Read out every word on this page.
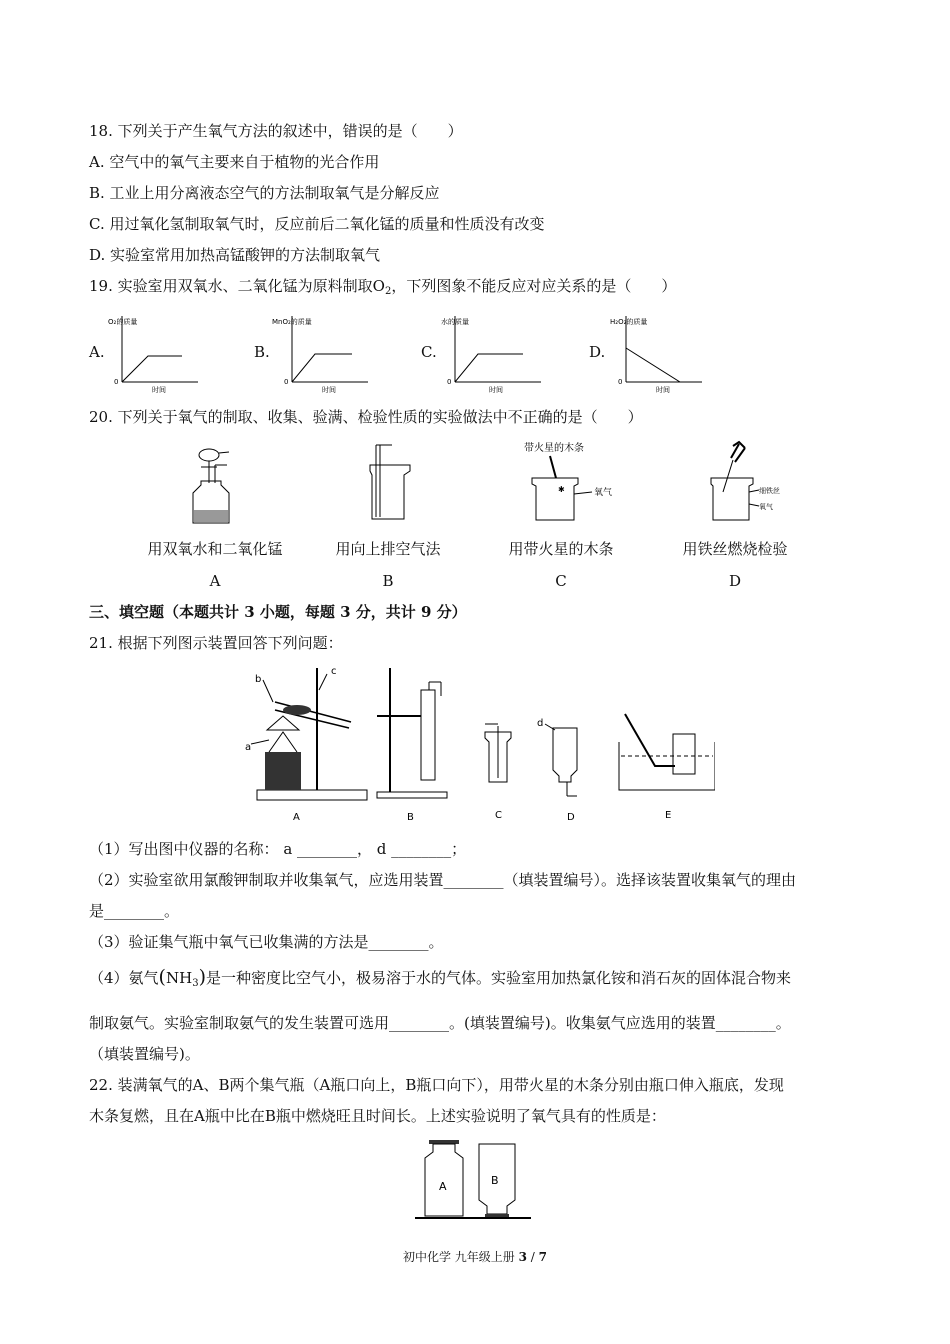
18. 下列关于产生氧气方法的叙述中，错误的是（　　）
A. 空气中的氧气主要来自于植物的光合作用
B. 工业上用分离液态空气的方法制取氧气是分解反应
C. 用过氧化氢制取氧气时，反应前后二氧化锰的质量和性质没有改变
D. 实验室常用加热高锰酸钾的方法制取氧气
19. 实验室用双氧水、二氧化锰为原料制取$O_2$，下列图象不能反应对应关系的是（　　）
A.
O₂的质量
0
时间
B.
MnO₂的质量
0
时间
C.
水的质量
0
时间
D.
H₂O₂的质量
0
时间
20. 下列关于氧气的制取、收集、验满、检验性质的实验做法中不正确的是（　　）
带火星的木条
✱	氧气	细铁丝
氧气
用双氧水和二氧化锰	用向上排空气法	用带火星的木条	用铁丝燃烧检验
A	B	C	D
三、填空题（本题共计 3 小题，每题 3 分，共计 9 分）
21. 根据下列图示装置回答下列问题：
b
c
a
A	B	C
d
D	E
（1）写出图中仪器的名称： a ________， d ________；
（2）实验室欲用氯酸钾制取并收集氧气，应选用装置________（填装置编号）。选择该装置收集氧气的理由
是________。
（3）验证集气瓶中氧气已收集满的方法是________。
（4）氨气$(NH_3)$是一种密度比空气小，极易溶于水的气体。实验室用加热氯化铵和消石灰的固体混合物来
制取氨气。实验室制取氨气的发生装置可选用________。(填装置编号)。收集氨气应选用的装置________。
（填装置编号)。
22. 装满氧气的A、B两个集气瓶（A瓶口向上，B瓶口向下），用带火星的木条分别由瓶口伸入瓶底，发现
木条复燃，且在A瓶中比在B瓶中燃烧旺且时间长。上述实验说明了氧气具有的性质是：
A	B
初中化学 九年级上册 3 / 7
